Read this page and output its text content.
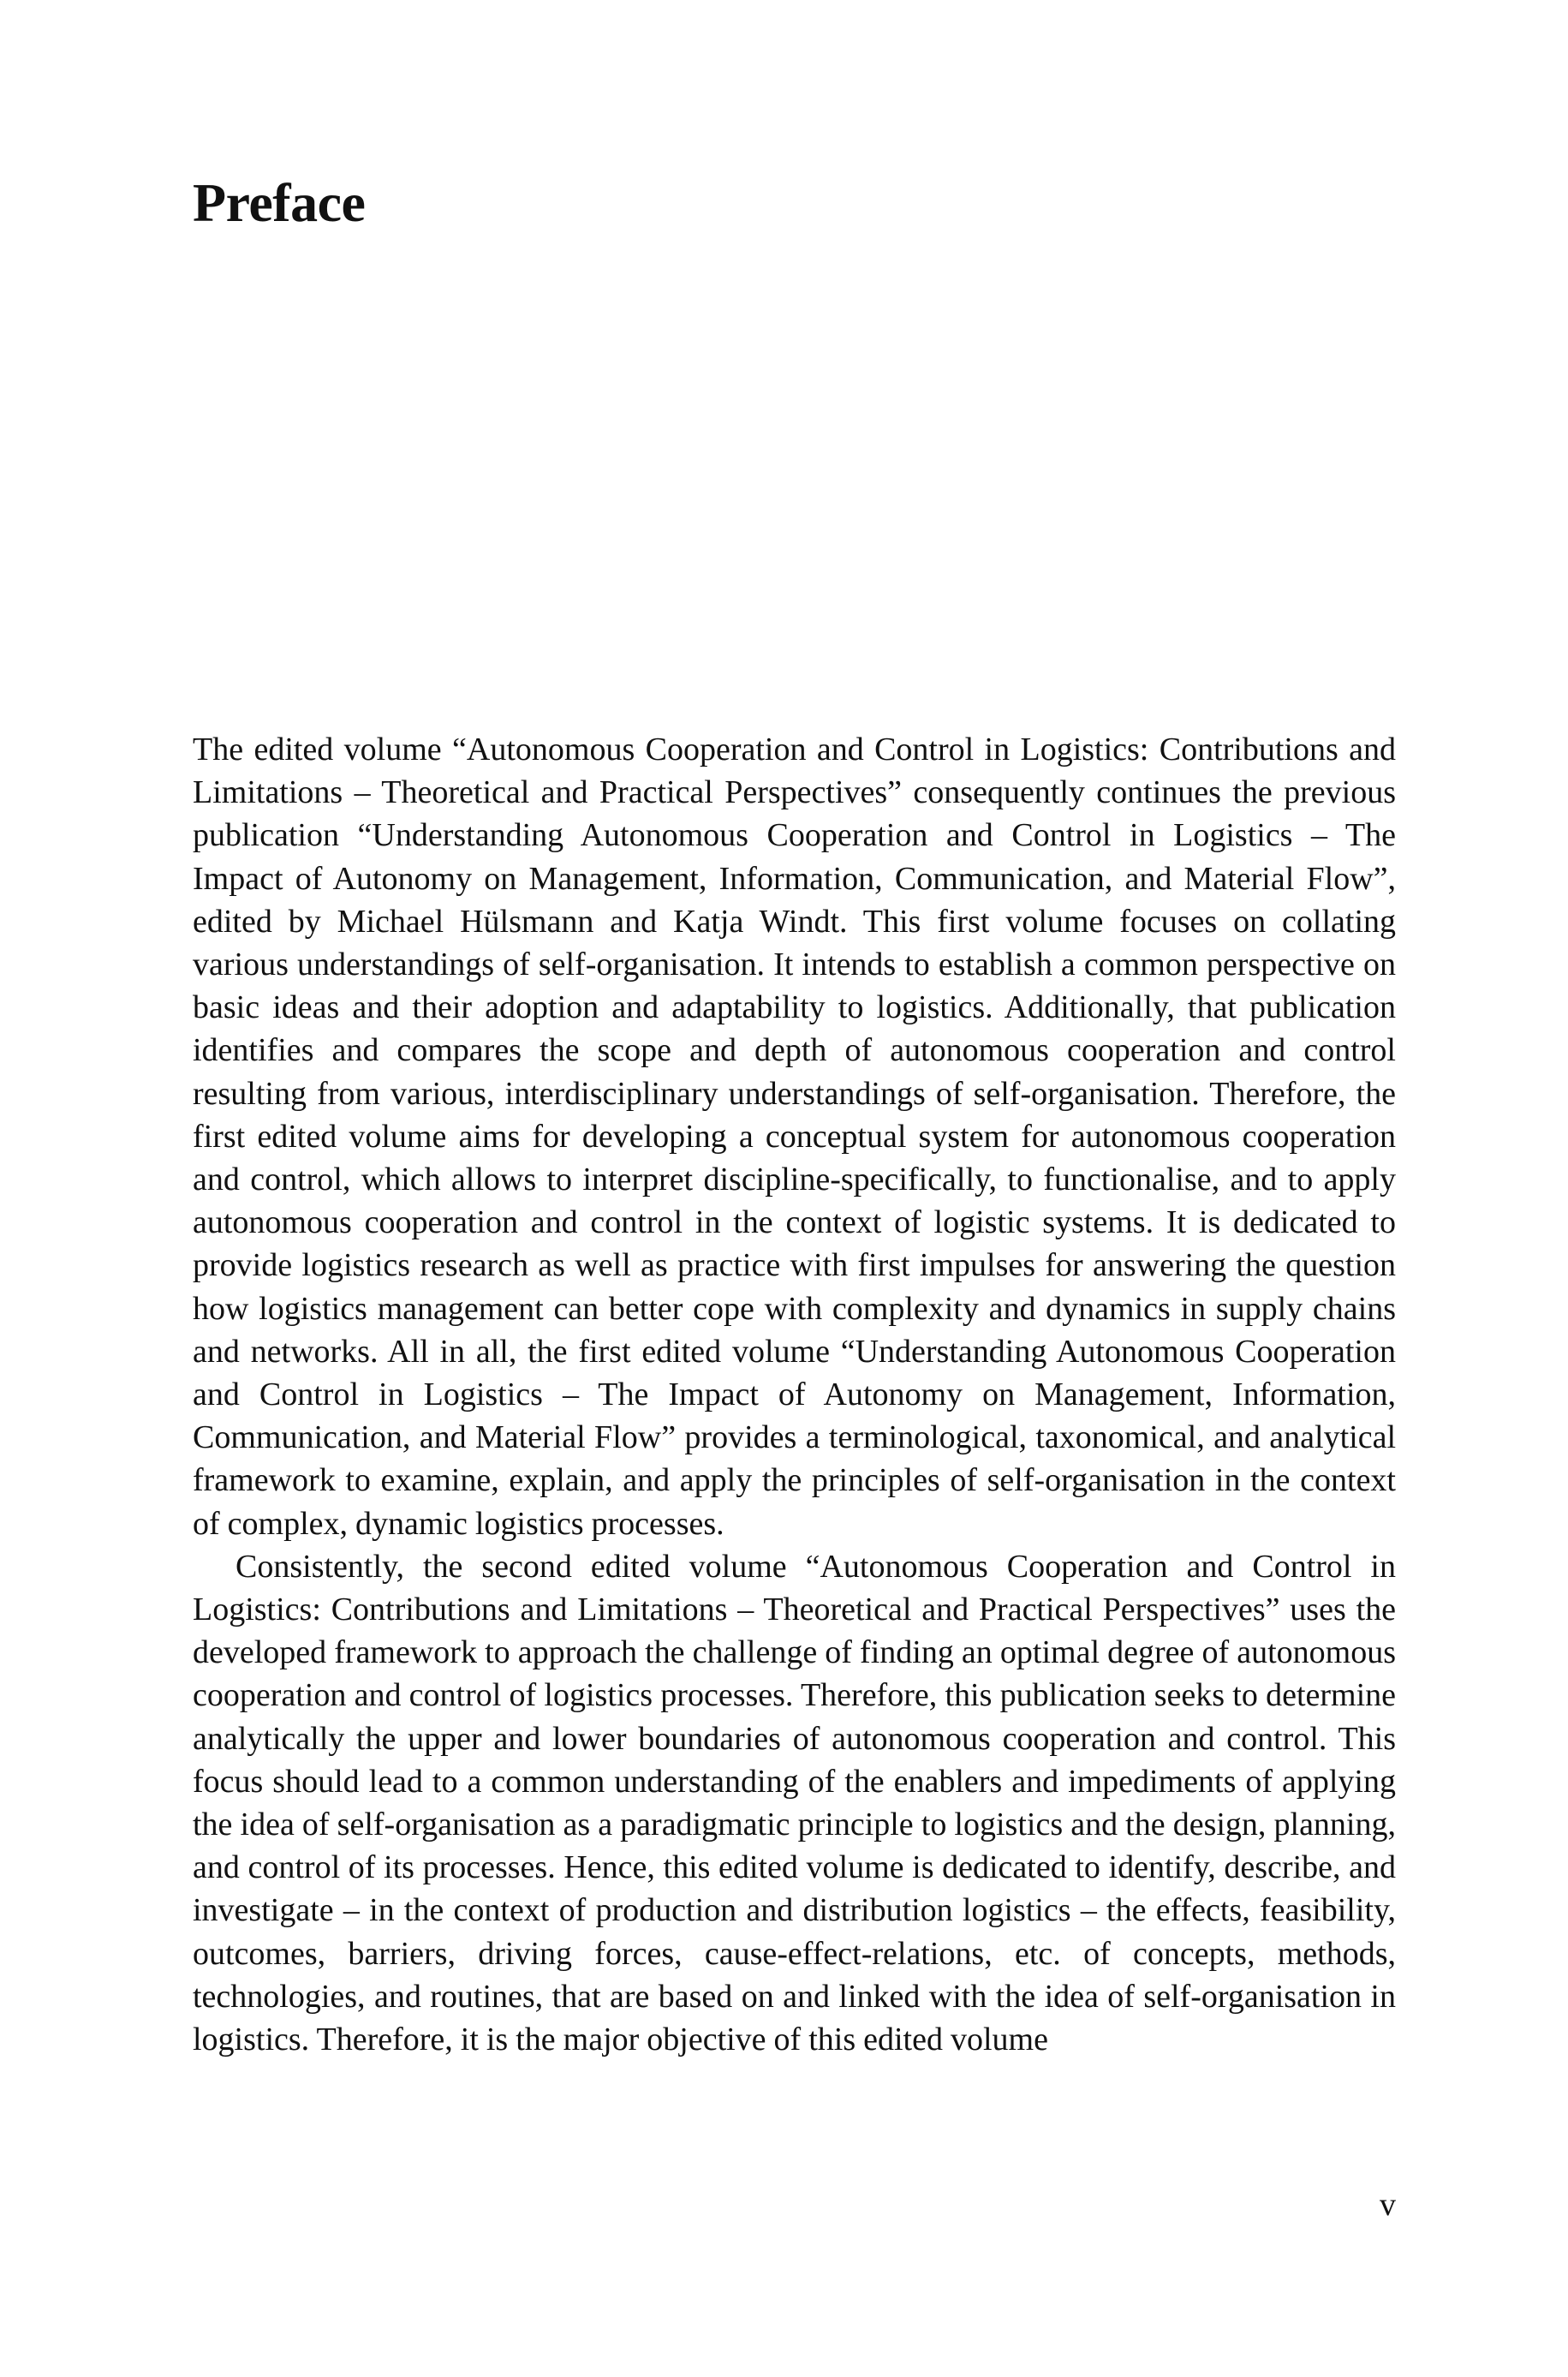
Preface

The edited volume “Autonomous Cooperation and Control in Logistics: Contributions and Limitations – Theoretical and Practical Perspectives” consequently continues the previous publication “Understanding Autonomous Cooperation and Control in Logistics – The Impact of Autonomy on Management, Information, Communication, and Material Flow”, edited by Michael Hülsmann and Katja Windt. This first volume focuses on collating various understandings of self-organisation. It intends to establish a common perspective on basic ideas and their adoption and adaptability to logistics. Additionally, that publication identifies and compares the scope and depth of autonomous cooperation and control resulting from various, interdisciplinary understandings of self-organisation. Therefore, the first edited volume aims for developing a conceptual system for autonomous cooperation and control, which allows to interpret discipline-specifically, to functionalise, and to apply autonomous cooperation and control in the context of logistic systems. It is dedicated to provide logistics research as well as practice with first impulses for answering the question how logistics management can better cope with complexity and dynamics in supply chains and networks. All in all, the first edited volume “Understanding Autonomous Cooperation and Control in Logistics – The Impact of Autonomy on Management, Information, Communication, and Material Flow” provides a terminological, taxonomical, and analytical framework to examine, explain, and apply the principles of self-organisation in the context of complex, dynamic logistics processes.

Consistently, the second edited volume “Autonomous Cooperation and Control in Logistics: Contributions and Limitations – Theoretical and Practical Perspectives” uses the developed framework to approach the challenge of finding an optimal degree of autonomous cooperation and control of logistics processes. Therefore, this publication seeks to determine analytically the upper and lower boundaries of autonomous cooperation and control. This focus should lead to a common understanding of the enablers and impediments of applying the idea of self-organisation as a paradigmatic principle to logistics and the design, planning, and control of its processes. Hence, this edited volume is dedicated to identify, describe, and investigate – in the context of production and distribution logistics – the effects, feasibility, outcomes, barriers, driving forces, cause-effect-relations, etc. of concepts, methods, technologies, and routines, that are based on and linked with the idea of self-organisation in logistics. Therefore, it is the major objective of this edited volume

v
